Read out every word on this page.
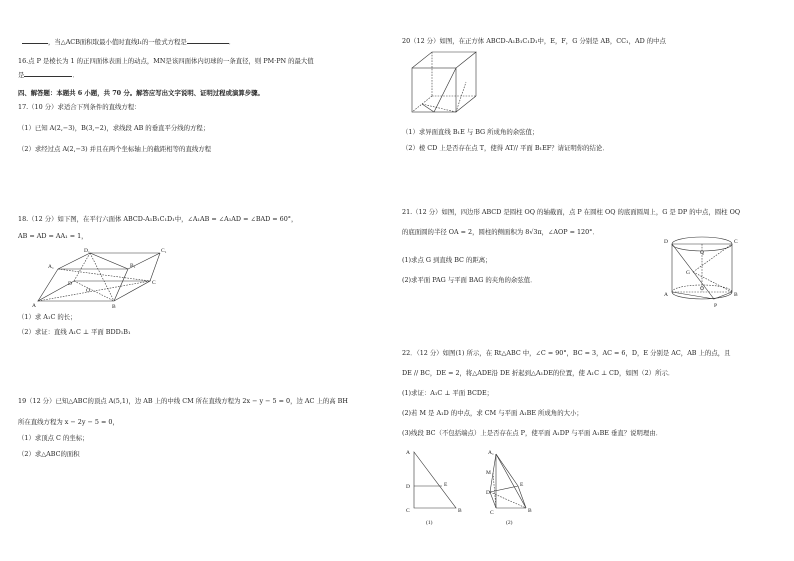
，当△ACB面积取最小值时直线l₁的一般式方程是	．
16.点 P 是棱长为 1 的正四面体表面上的动点，MN是该四面体内切球的一条直径，则 PM·PN 的最大值
是	．
四、解答题：本题共 6 小题，共 70 分。解答应写出文字说明、证明过程或演算步骤。
17.（10 分）求适合下列条件的直线方程：
（1）已知 A(2,−3)，B(3,−2)，求线段 AB 的垂直平分线的方程；
（2）求经过点 A(2,−3) 并且在两个坐标轴上的截距相等的直线方程
18.（12 分）如下图，在平行六面体 ABCD-A₁B₁C₁D₁中，∠A₁AB = ∠A₁AD = ∠BAD = 60°，
AB = AD = AA₁ = 1，
A₁
D₁
B₁
C₁
A	B
C
D
O
（1）求 A₁C 的长；
（2）求证：直线 A₁C ⊥ 平面 BDD₁B₁
19（12 分）已知△ABC的顶点 A(5,1)，边 AB 上的中线 CM 所在直线方程为 2x − y − 5 = 0，边 AC 上的高 BH
所在直线方程为 x − 2y − 5 = 0，
（1）求顶点 C 的坐标；
（2）求△ABC的面积
20（12 分）如图，在正方体 ABCD-A₁B₁C₁D₁中，E，F，G 分别是 AB，CC₁，AD 的中点
（1）求异面直线 B₁E 与 BG 所成角的余弦值；
（2）棱 CD 上是否存在点 T，使得 AT// 平面 B₁EF？请证明你的结论．
21.（12 分）如图，四边形 ABCD 是圆柱 OQ 的轴截面，点 P 在圆柱 OQ 的底面圆周上，G 是 DP 的中点，圆柱 OQ
的底面圆的半径 OA = 2，圆柱的侧面积为 8√3π，∠AOP = 120°．
(1)求点 G 到直线 BC 的距离；
(2)求平面 PAG 与平面 BAG 的夹角的余弦值．
D	C
Q
G
A	B
O
P
22．（12 分）如图(1) 所示，在 Rt△ABC 中，∠C = 90°，BC = 3，AC = 6，D，E 分别是 AC，AB 上的点，且
DE // BC，DE = 2，将△ADE沿 DE 折起到△A₁DE的位置，使 A₁C ⊥ CD，如图（2）所示．
(1)求证：A₁C ⊥ 平面 BCDE；
(2)若 M 是 A₁D 的中点，求 CM 与平面 A₁BE 所成角的大小；
(3)线段 BC（不包括端点）上是否存在点 P，使平面 A₁DP 与平面 A₁BE 垂直？说明理由．
A
D	E
C	B
(1)
A₁
M
D
E
C	B
(2)
